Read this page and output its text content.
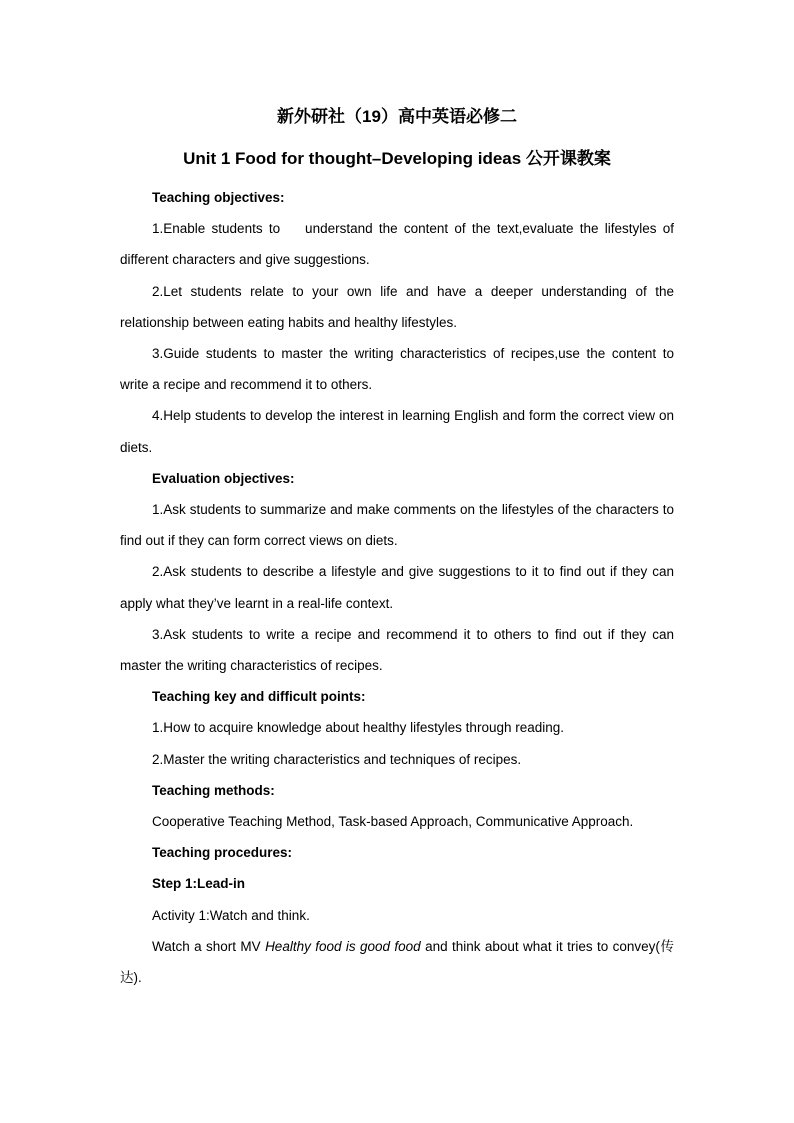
新外研社（19）高中英语必修二

Unit 1 Food for thought–Developing ideas 公开课教案

Teaching objectives:

1.Enable students to    understand the content of the text,evaluate the lifestyles of different characters and give suggestions.

2.Let students relate to your own life and have a deeper understanding of the relationship between eating habits and healthy lifestyles.

3.Guide students to master the writing characteristics of recipes,use the content to write a recipe and recommend it to others.

4.Help students to develop the interest in learning English and form the correct view on diets.

Evaluation objectives:

1.Ask students to summarize and make comments on the lifestyles of the characters to find out if they can form correct views on diets.

2.Ask students to describe a lifestyle and give suggestions to it to find out if they can apply what they’ve learnt in a real-life context.

3.Ask students to write a recipe and recommend it to others to find out if they can master the writing characteristics of recipes.

Teaching key and difficult points:

1.How to acquire knowledge about healthy lifestyles through reading.

2.Master the writing characteristics and techniques of recipes.

Teaching methods:

Cooperative Teaching Method, Task-based Approach, Communicative Approach.

Teaching procedures:

Step 1:Lead-in

Activity 1:Watch and think.

Watch a short MV Healthy food is good food and think about what it tries to convey(传达).
